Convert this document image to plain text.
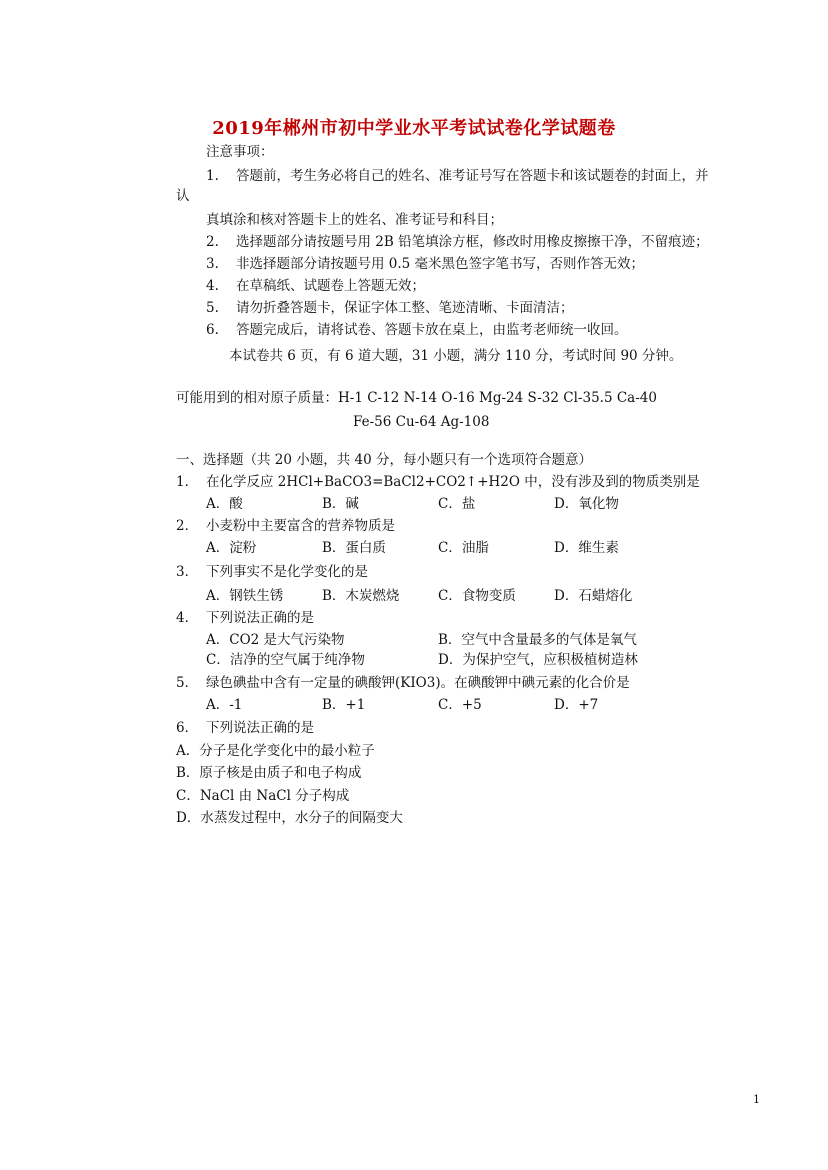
2019年郴州市初中学业水平考试试卷化学试题卷
注意事项：
1. 答题前，考生务必将自己的姓名、准考证号写在答题卡和该试题卷的封面上，并
认
真填涂和核对答题卡上的姓名、准考证号和科目；
2. 选择题部分请按题号用 2B 铅笔填涂方框，修改时用橡皮擦擦干净，不留痕迹；
3. 非选择题部分请按题号用 0.5 毫米黑色签字笔书写，否则作答无效；
4. 在草稿纸、试题卷上答题无效；
5. 请勿折叠答题卡，保证字体工整、笔迹清晰、卡面清洁；
6. 答题完成后，请将试卷、答题卡放在桌上，由监考老师统一收回。
本试卷共 6 页，有 6 道大题，31 小题，满分 110 分，考试时间 90 分钟。
可能用到的相对原子质量：H-1 C-12 N-14 O-16 Mg-24 S-32 Cl-35.5 Ca-40
Fe-56 Cu-64 Ag-108
一、选择题（共 20 小题，共 40 分，每小题只有一个选项符合题意）
1． 在化学反应 2HCl+BaCO3=BaCl2+CO2↑+H2O 中，没有涉及到的物质类别是
A．酸	B．碱	C．盐	D．氧化物
2． 小麦粉中主要富含的营养物质是
A．淀粉	B．蛋白质	C．油脂	D．维生素
3． 下列事实不是化学变化的是
A．钢铁生锈	B．木炭燃烧	C．食物变质	D．石蜡熔化
4． 下列说法正确的是
A．CO2 是大气污染物	B．空气中含量最多的气体是氧气
C．洁净的空气属于纯净物	D．为保护空气，应积极植树造林
5． 绿色碘盐中含有一定量的碘酸钾(KIO3)。在碘酸钾中碘元素的化合价是
A．-1	B．+1	C．+5	D．+7
6． 下列说法正确的是
A．分子是化学变化中的最小粒子
B．原子核是由质子和电子构成
C．NaCl 由 NaCl 分子构成
D．水蒸发过程中，水分子的间隔变大
1
